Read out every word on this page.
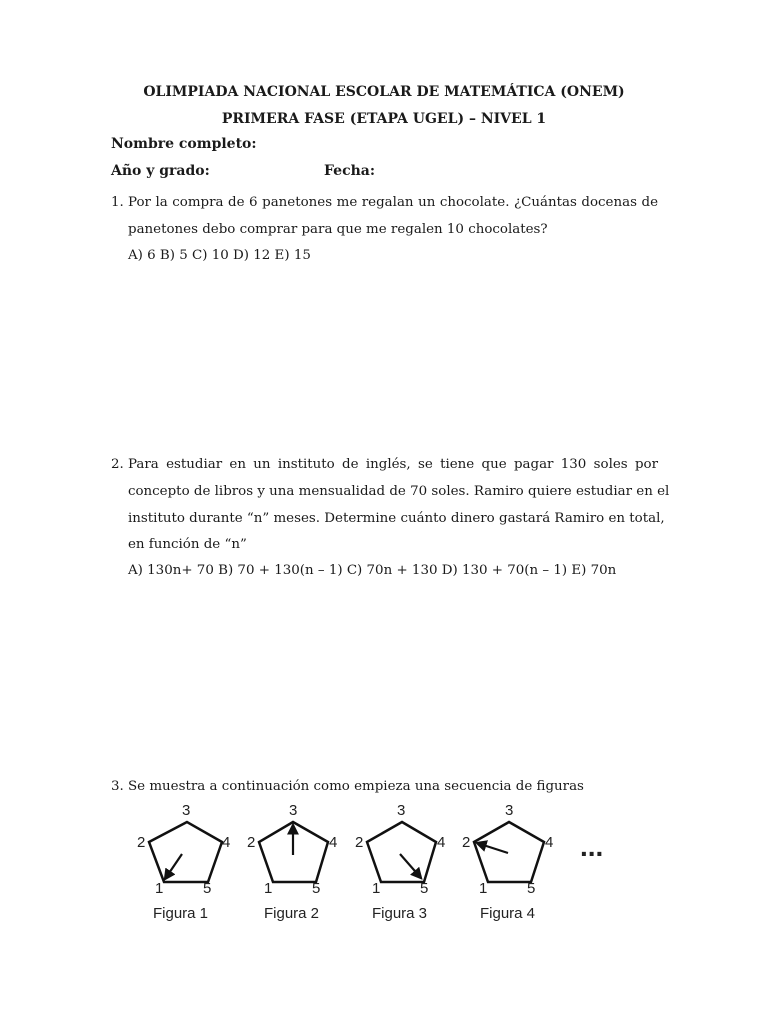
OLIMPIADA NACIONAL ESCOLAR DE MATEMÁTICA (ONEM)
PRIMERA FASE (ETAPA UGEL) – NIVEL 1
Nombre completo:
Año y grado:	Fecha:
1. Por la compra de 6 panetones me regalan un chocolate. ¿Cuántas docenas de
panetones debo comprar para que me regalen 10 chocolates?
A) 6 B) 5 C) 10 D) 12 E) 15
2. Para estudiar en un instituto de inglés, se tiene que pagar 130 soles por
concepto de libros y una mensualidad de 70 soles. Ramiro quiere estudiar en el
instituto durante “n” meses. Determine cuánto dinero gastará Ramiro en total,
en función de “n”
A) 130n+ 70 B) 70 + 130(n – 1) C) 70n + 130 D) 130 + 70(n – 1) E) 70n
3. Se muestra a continuación como empieza una secuencia de figuras
1
2
3
4
5
Figura 1
1
2
3
4
5
Figura 2
1
2
3
4
5
Figura 3
1
2
3
4
5
Figura 4
...
